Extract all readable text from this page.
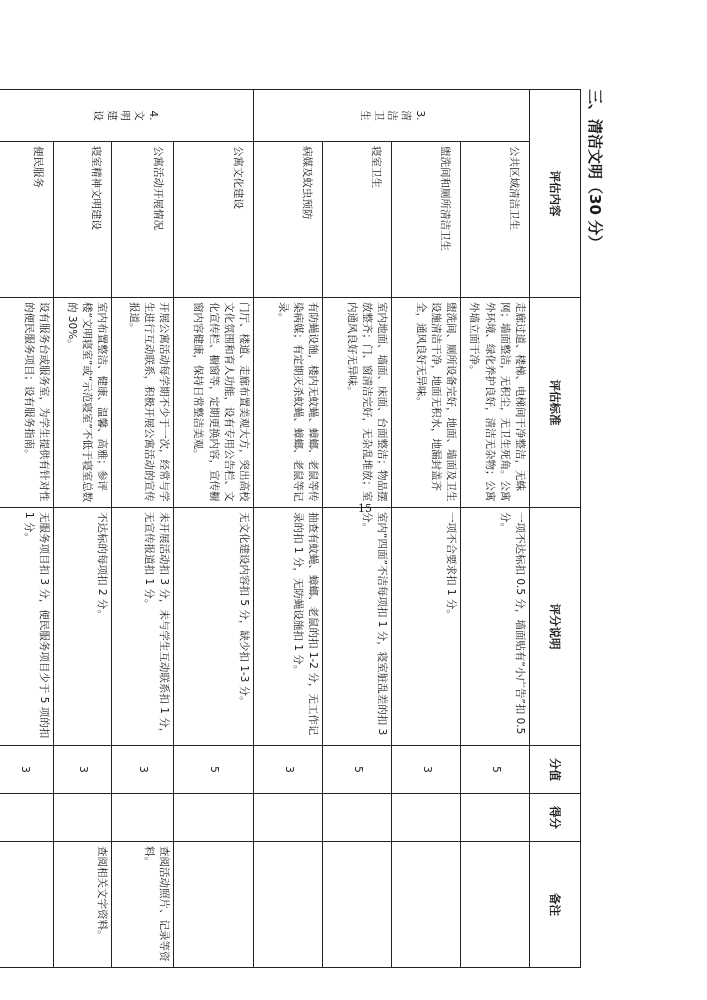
三、清洁文明（30 分）
评估内容		评估标准	评分说明	分值	得分	备注
3.
清
洁
卫
生	公共区域清洁卫生	走廊过道、楼梯、电梯间干净整洁，无蛛网；墙面整洁，无积尘，无卫生死角。公寓外环境、绿化养护良好，清洁无杂物；公寓外墙立面干净。	一项不达标扣 0.5 分，墙面贴有“小广告”扣 0.5 分。	5		
	盥洗间和厕所清洁卫生	盥洗间、厕所设备完好，地面、墙面及卫生设施清洁干净，地面无积水，地漏封盖齐全，通风良好无异味。	一项不合要求扣 1 分。	3		
	寝室卫生	室内地面、墙面、床面、台面整洁；物品摆放整齐；门、窗清洁完好，无杂乱堆放；室内通风良好无异味。	室内“四面”不洁每项扣 1 分，寝室脏乱差的扣 3 分。	5		
	病媒及蚊虫预防	有防蝇设施，楼内无蚊蝇、蟑螂、老鼠等传染病媒；有定期灭杀蚊蝇、蟑螂、老鼠等记录。	抽查有蚊蝇、蟑螂、老鼠的扣 1-2 分，无工作记录的扣 1 分，无防蝇设施扣 1 分。	3		
4.
文
明
建
设	公寓文化建设	门厅、楼道、走廊布置美观大方，突出高校文化氛围和育人功能，设有专用公告栏、文化宣传栏、橱窗等，定期更换内容，宣传橱窗内容健康，保持日常整洁美观。	无文化建设内容扣 5 分，缺少扣 1-3 分。	5		
	公寓活动开展情况	开展公寓活动每学期不少于一次，经常与学生进行互动联系，积极开展公寓活动的宣传报道。	未开展活动扣 3 分，未与学生互动联系扣 1 分，无宣传报道扣 1 分。	3		查阅活动照片、记录等资料。
	寝室精神文明建设	室内布置整洁、健康、温馨、高雅；参评楼“文明寝室”或“示范寝室”不低于寝室总数的 30%。	不达标的每项扣 2 分。	3		查阅相关文字资料。
	便民服务	设有服务台或服务室，为学生提供有针对性的便民服务项目；设有服务指南。	无服务项目扣 3 分，便民服务项目少于 5 项的扣 1 分。	3		
15
